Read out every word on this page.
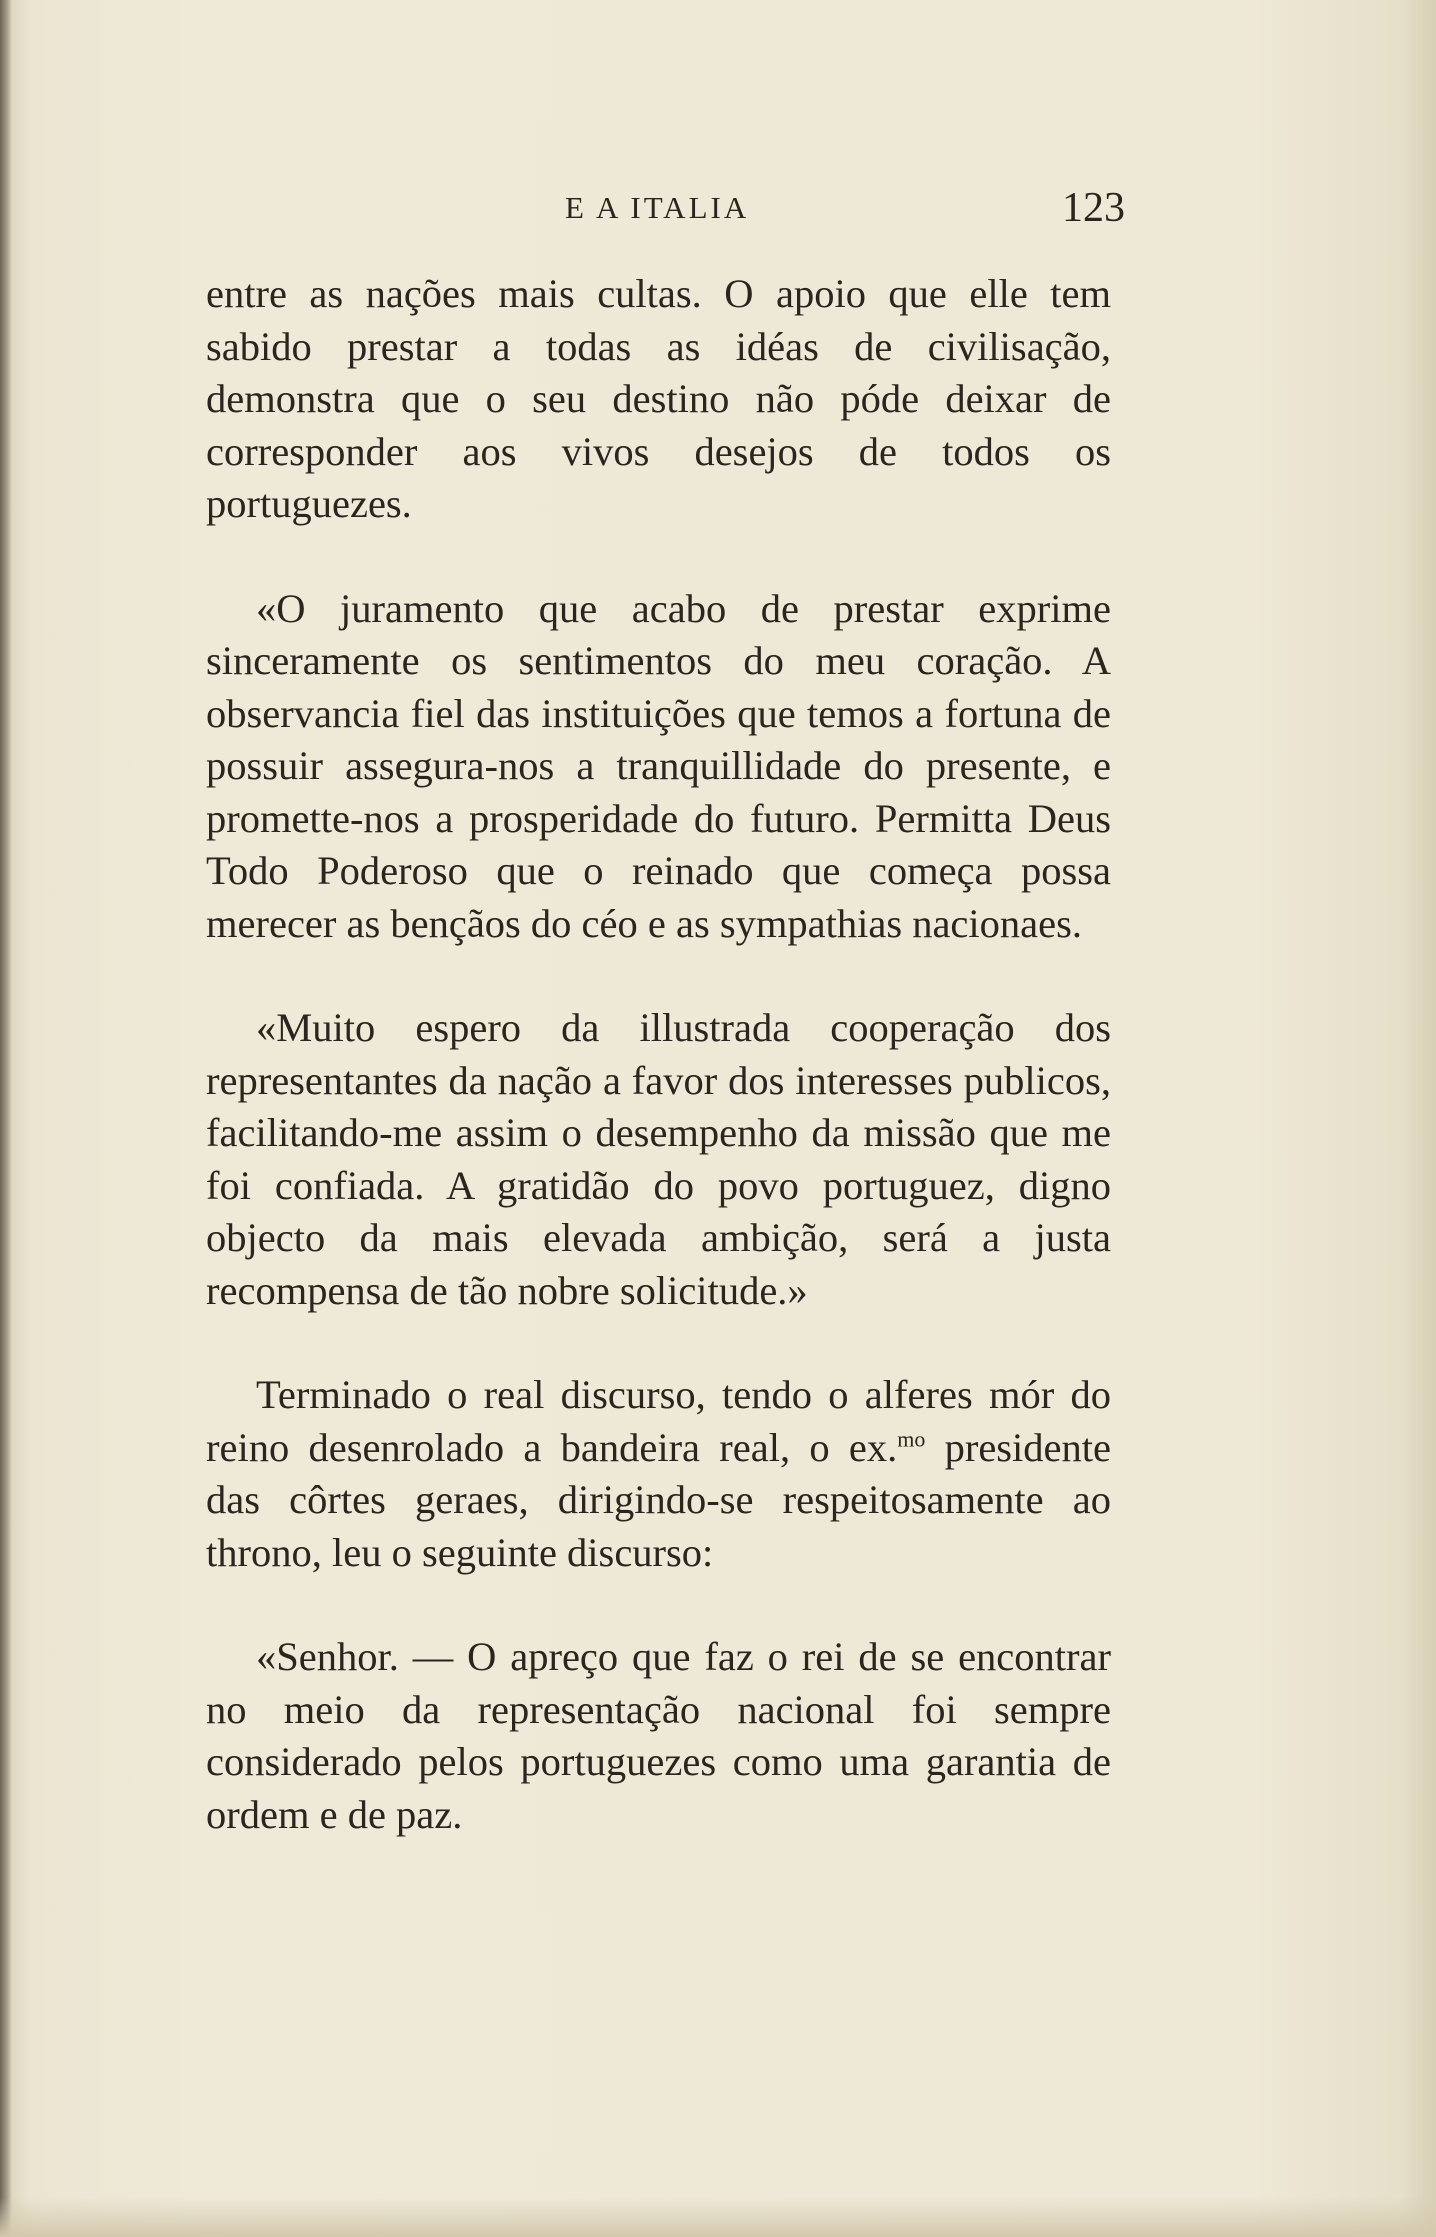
E A ITALIA	123

entre as nações mais cultas. O apoio que elle tem sabido prestar a todas as idéas de civilisação, demonstra que o seu destino não póde deixar de corresponder aos vivos desejos de todos os portuguezes.

«O juramento que acabo de prestar exprime sinceramente os sentimentos do meu coração. A observancia fiel das instituições que temos a fortuna de possuir assegura-nos a tranquillidade do presente, e promette-nos a prosperidade do futuro. Permitta Deus Todo Poderoso que o reinado que começa possa merecer as bençãos do céo e as sympathias nacionaes.

«Muito espero da illustrada cooperação dos representantes da nação a favor dos interesses publicos, facilitando-me assim o desempenho da missão que me foi confiada. A gratidão do povo portuguez, digno objecto da mais elevada ambição, será a justa recompensa de tão nobre solicitude.»

Terminado o real discurso, tendo o alferes mór do reino desenrolado a bandeira real, o ex.$^{mo}$ presidente das côrtes geraes, dirigindo-se respeitosamente ao throno, leu o seguinte discurso:

«Senhor. — O apreço que faz o rei de se encontrar no meio da representação nacional foi sempre considerado pelos portuguezes como uma garantia de ordem e de paz.
